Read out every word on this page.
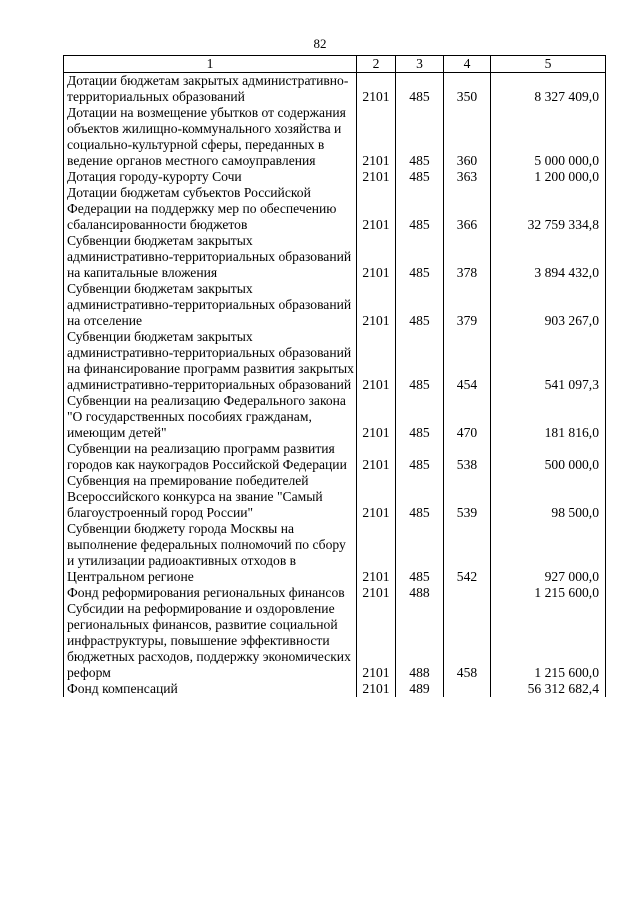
82
1	2	3	4	5
Дотации бюджетам закрытых административно-территориальных образований	2101	485	350	8 327 409,0
Дотации на возмещение убытков от содержания объектов жилищно-коммунального хозяйства и социально-культурной сферы, переданных в ведение органов местного самоуправления	2101	485	360	5 000 000,0
Дотация городу-курорту Сочи	2101	485	363	1 200 000,0
Дотации бюджетам субъектов Российской Федерации на поддержку мер по обеспечению сбалансированности бюджетов	2101	485	366	32 759 334,8
Субвенции бюджетам закрытых административно-территориальных образований на капитальные вложения	2101	485	378	3 894 432,0
Субвенции бюджетам закрытых административно-территориальных образований на отселение	2101	485	379	903 267,0
Субвенции бюджетам закрытых административно-территориальных образований на финансирование программ развития закрытых административно-территориальных образований	2101	485	454	541 097,3
Субвенции на реализацию Федерального закона "О государственных пособиях гражданам, имеющим детей"	2101	485	470	181 816,0
Субвенции на реализацию программ развития городов как наукоградов Российской Федерации	2101	485	538	500 000,0
Субвенция на премирование победителей Всероссийского конкурса на звание "Самый благоустроенный город России"	2101	485	539	98 500,0
Субвенции бюджету города Москвы на выполнение федеральных полномочий по сбору и утилизации радиоактивных отходов в Центральном регионе	2101	485	542	927 000,0
Фонд реформирования региональных финансов	2101	488		1 215 600,0
Субсидии на реформирование и оздоровление региональных финансов, развитие социальной инфраструктуры, повышение эффективности бюджетных расходов, поддержку экономических реформ	2101	488	458	1 215 600,0
Фонд компенсаций	2101	489		56 312 682,4
